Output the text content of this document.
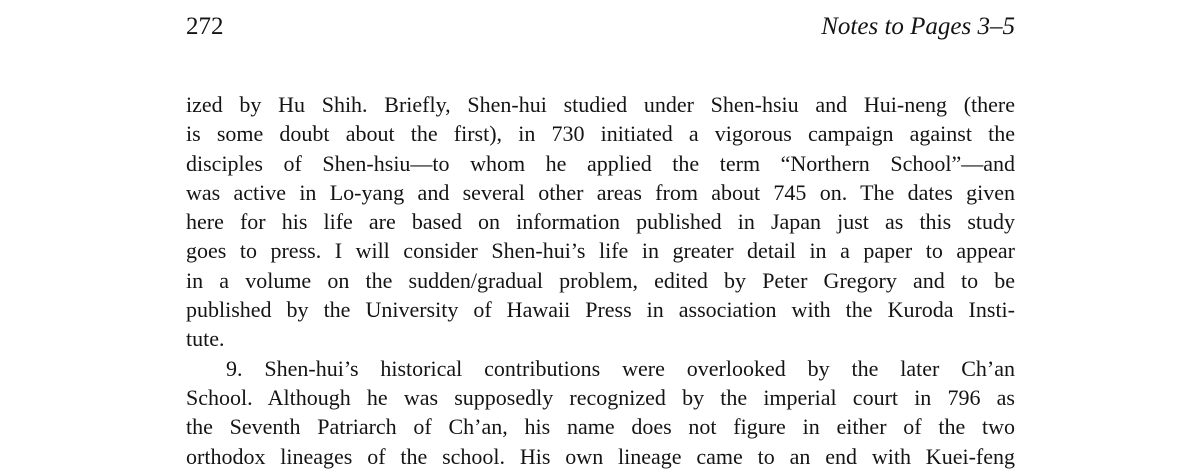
272	Notes to Pages 3–5
ized by Hu Shih. Briefly, Shen-hui studied under Shen-hsiu and Hui-neng (there
is some doubt about the first), in 730 initiated a vigorous campaign against the
disciples of Shen-hsiu—to whom he applied the term “Northern School”—and
was active in Lo-yang and several other areas from about 745 on. The dates given
here for his life are based on information published in Japan just as this study
goes to press. I will consider Shen-hui’s life in greater detail in a paper to appear
in a volume on the sudden/gradual problem, edited by Peter Gregory and to be
published by the University of Hawaii Press in association with the Kuroda Insti-
tute.
9. Shen-hui’s historical contributions were overlooked by the later Ch’an
School. Although he was supposedly recognized by the imperial court in 796 as
the Seventh Patriarch of Ch’an, his name does not figure in either of the two
orthodox lineages of the school. His own lineage came to an end with Kuei-feng
